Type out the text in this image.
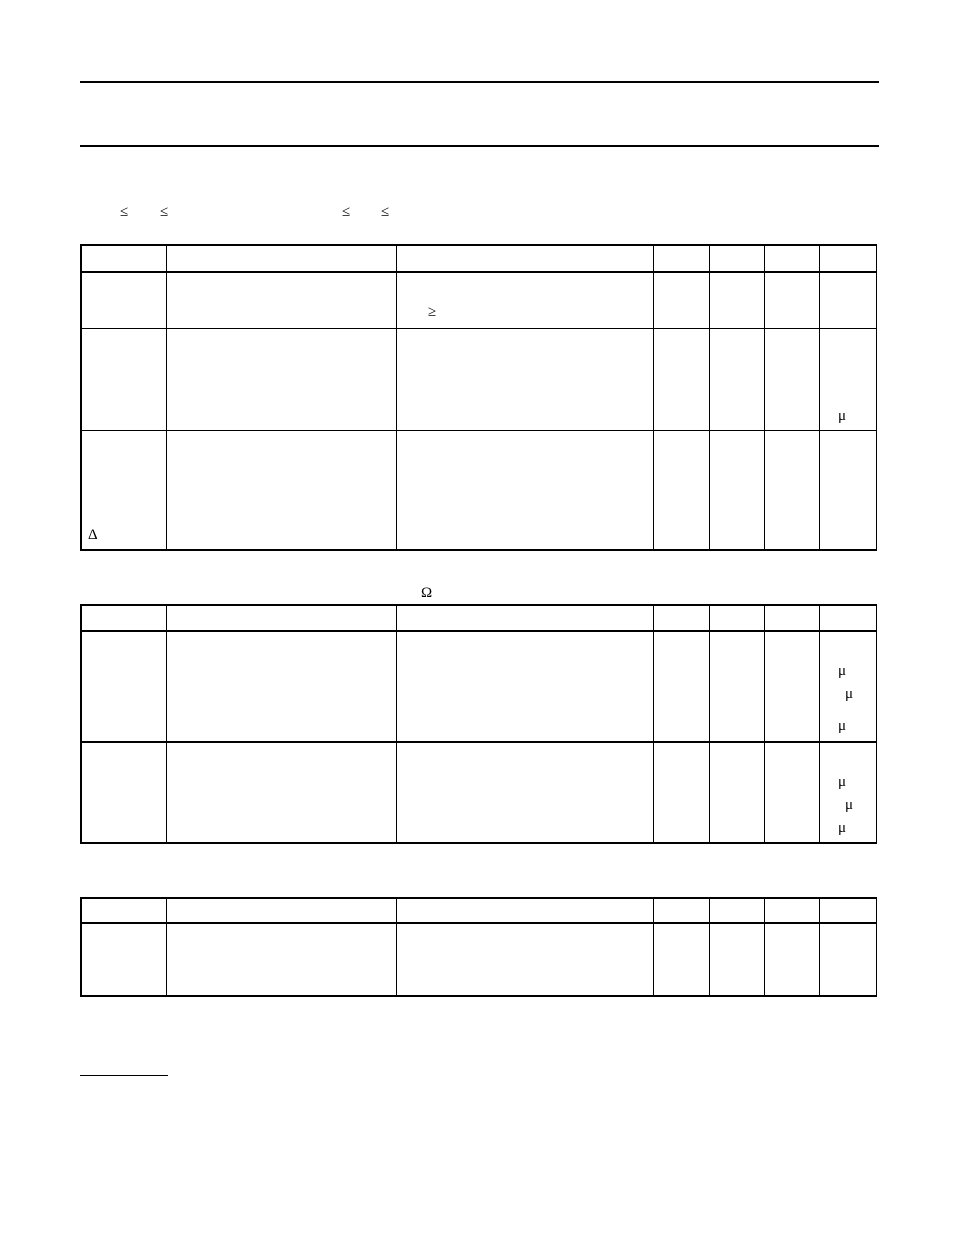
≤ ≤	≤ ≤
≥
μ
Δ
Ω
μ
μ
μ
μ
μ
μ
